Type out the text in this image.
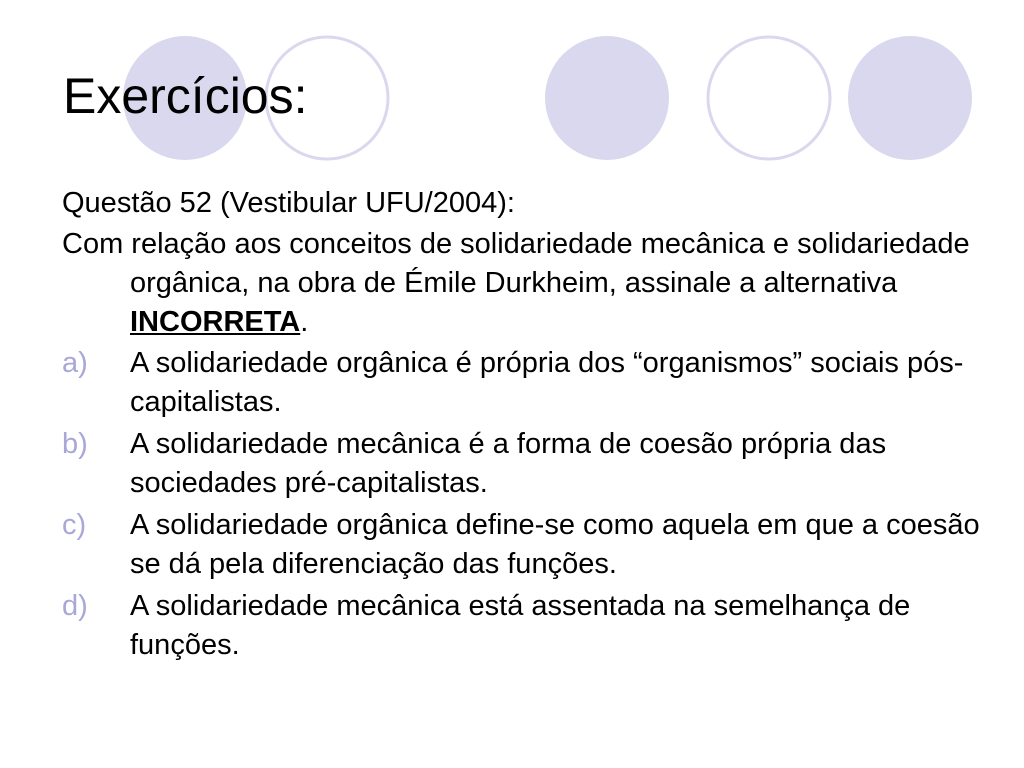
Exercícios:

Questão 52 (Vestibular UFU/2004):

Com relação aos conceitos de solidariedade mecânica e solidariedade orgânica, na obra de Émile Durkheim, assinale a alternativa INCORRETA.

a) A solidariedade orgânica é própria dos “organismos” sociais pós-capitalistas.
b) A solidariedade mecânica é a forma de coesão própria das sociedades pré-capitalistas.
c) A solidariedade orgânica define-se como aquela em que a coesão se dá pela diferenciação das funções.
d) A solidariedade mecânica está assentada na semelhança de funções.
